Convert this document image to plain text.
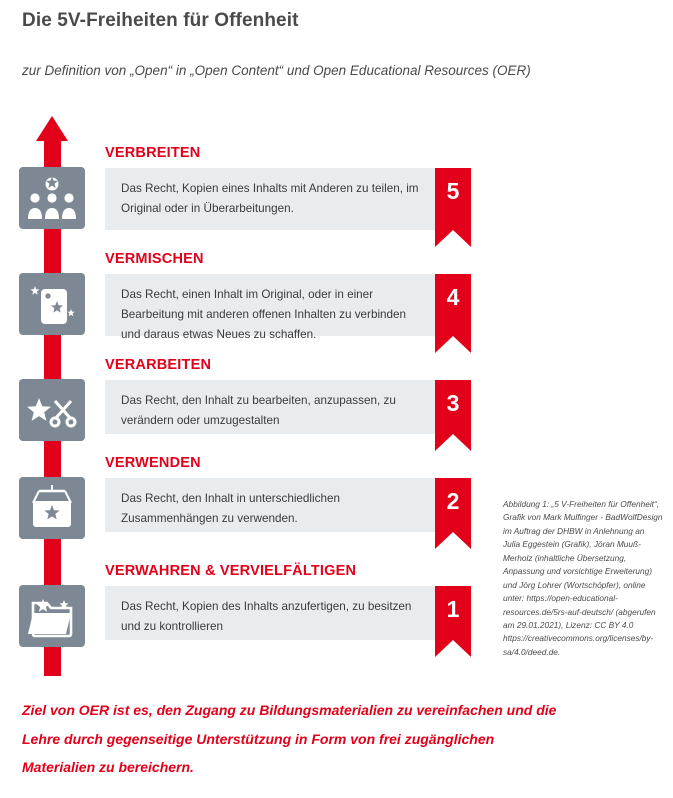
Die 5V-Freiheiten für Offenheit
zur Definition von „Open“ in „Open Content“ und Open Educational Resources (OER)
VERBREITEN
Das Recht, Kopien eines Inhalts mit Anderen zu teilen, im Original oder in Überarbeitungen.
5
VERMISCHEN
Das Recht, einen Inhalt im Original, oder in einer Bearbeitung mit anderen offenen Inhalten zu verbinden und daraus etwas Neues zu schaffen.
4
VERARBEITEN
Das Recht, den Inhalt zu bearbeiten, anzupassen, zu verändern oder umzugestalten
3
VERWENDEN
Das Recht, den Inhalt in unterschiedlichen Zusammenhängen zu verwenden.
2
VERWAHREN & VERVIELFÄLTIGEN
Das Recht, Kopien des Inhalts anzufertigen, zu besitzen und zu kontrollieren
1
Abbildung 1: „5 V-Freiheiten für Offenheit“, Grafik von Mark Mulfinger - BadWolfDesign im Auftrag der DHBW in Anlehnung an Julia Eggestein (Grafik), Jöran Muuß-Merholz (inhaltliche Übersetzung, Anpassung und vorsichtige Erweiterung) und Jörg Lohrer (Wortschöpfer), online unter: https://open-educational-resources.de/5rs-auf-deutsch/ (abgerufen am 29.01.2021), Lizenz: CC BY 4.0 https://creativecommons.org/licenses/by-sa/4.0/deed.de.
Ziel von OER ist es, den Zugang zu Bildungsmaterialien zu vereinfachen und die Lehre durch gegenseitige Unterstützung in Form von frei zugänglichen Materialien zu bereichern.
